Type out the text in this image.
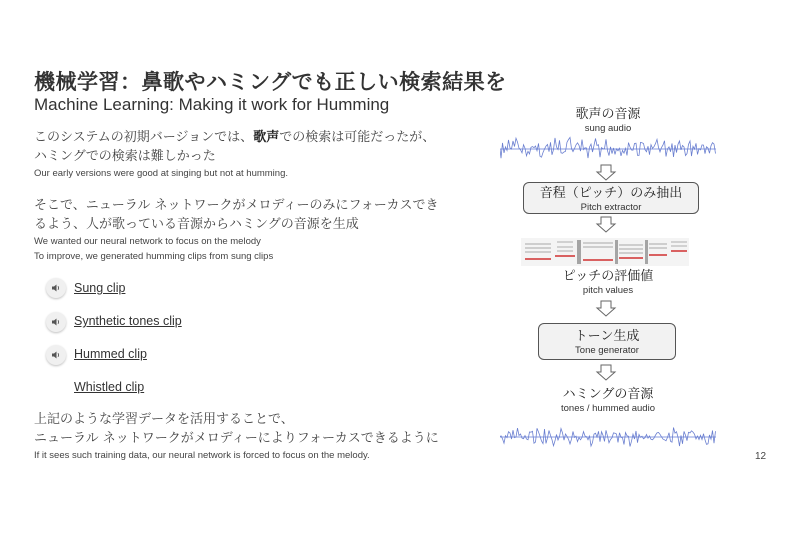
機械学習：鼻歌やハミングでも正しい検索結果を
Machine Learning: Making it work for Humming
このシステムの初期バージョンでは、歌声での検索は可能だったが、
ハミングでの検索は難しかった
Our early versions were good at singing but not at humming.
そこで、ニューラル ネットワークがメロディーのみにフォーカスでき
るよう、人が歌っている音源からハミングの音源を生成
We wanted our neural network to focus on the melody
To improve, we generated humming clips from sung clips
Sung clip
Synthetic tones clip
Hummed clip
Whistled clip
上記のような学習データを活用することで、
ニューラル ネットワークがメロディーによりフォーカスできるように
If it sees such training data, our neural network is forced to focus on the melody.
歌声の音源
sung audio
音程（ピッチ）のみ抽出
Pitch extractor
ピッチの評価値
pitch values
トーン生成
Tone generator
ハミングの音源
tones / hummed audio
12
